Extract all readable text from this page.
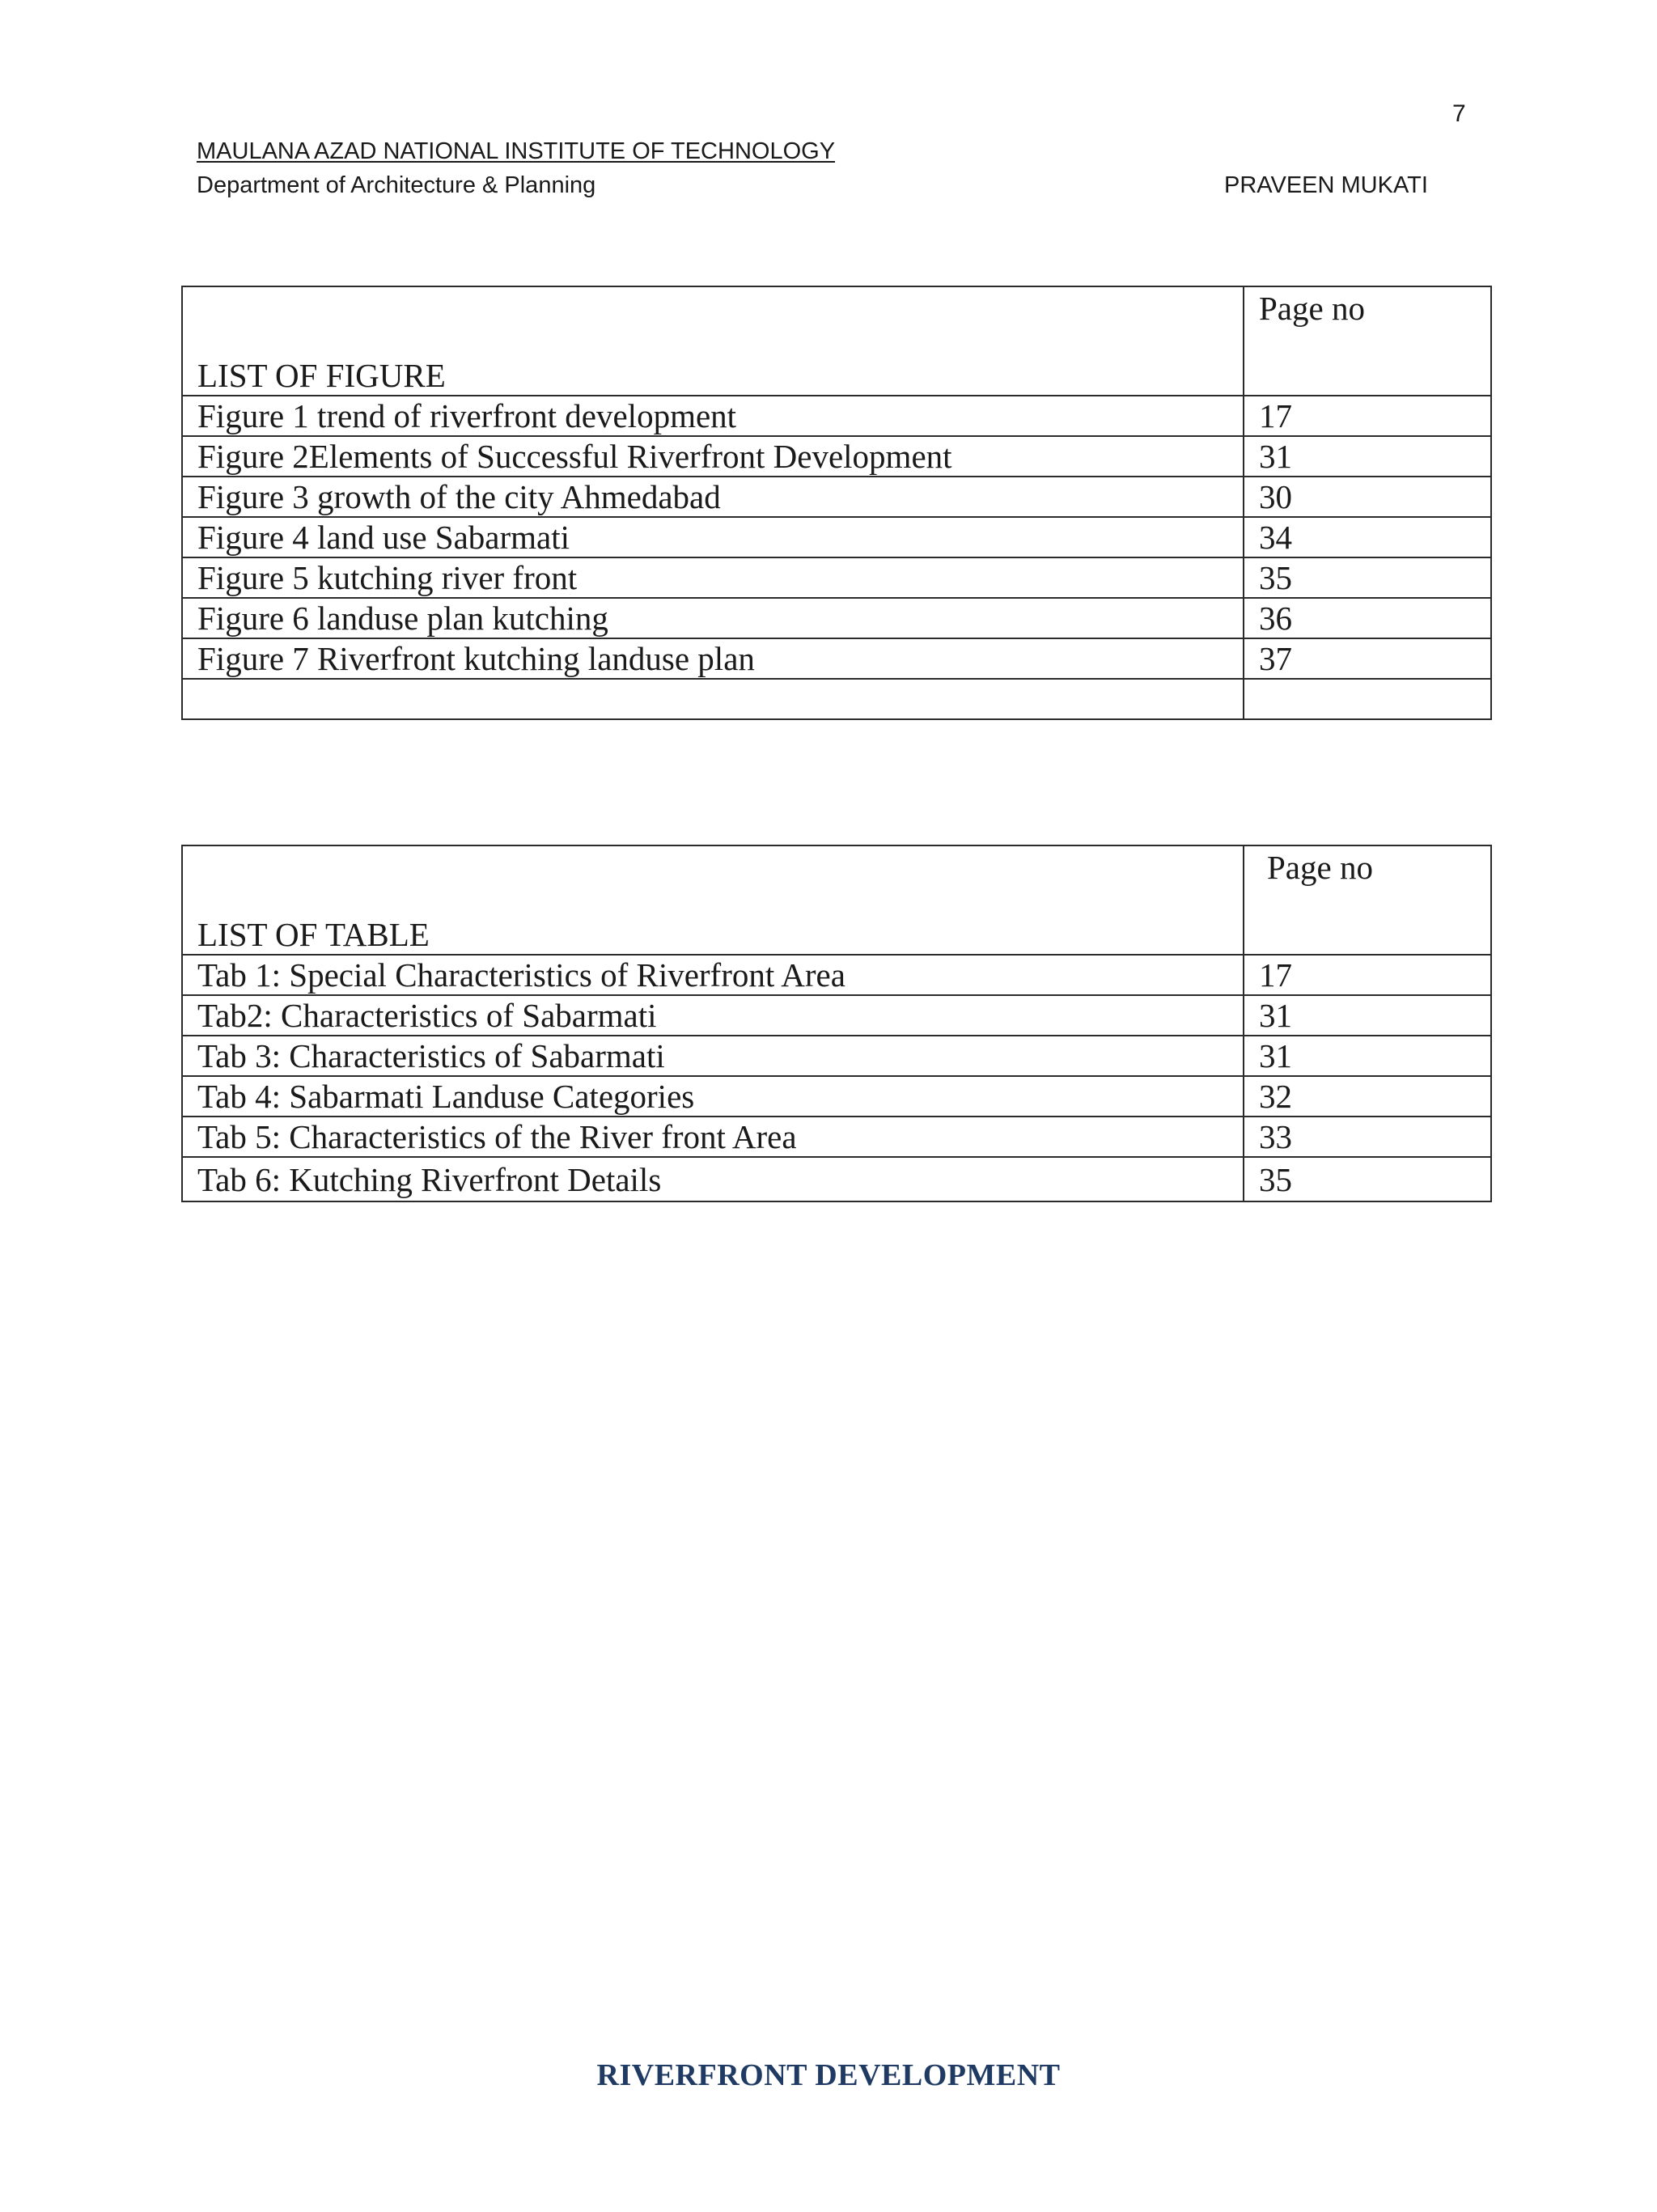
7
MAULANA AZAD NATIONAL INSTITUTE OF TECHNOLOGY
Department of Architecture & Planning	PRAVEEN MUKATI
LIST OF FIGURE	Page no
Figure 1 trend of riverfront development	17
Figure 2Elements of Successful Riverfront Development	31
Figure 3 growth of the city Ahmedabad	30
Figure 4 land use Sabarmati	34
Figure 5 kutching river front	35
Figure 6 landuse plan kutching	36
Figure 7 Riverfront kutching landuse plan	37

LIST OF TABLE	Page no
Tab 1: Special Characteristics of Riverfront Area	17
Tab2: Characteristics of Sabarmati	31
Tab 3: Characteristics of Sabarmati	31
Tab 4: Sabarmati Landuse Categories	32
Tab 5: Characteristics of the River front Area	33
Tab 6: Kutching Riverfront Details	35
RIVERFRONT DEVELOPMENT
